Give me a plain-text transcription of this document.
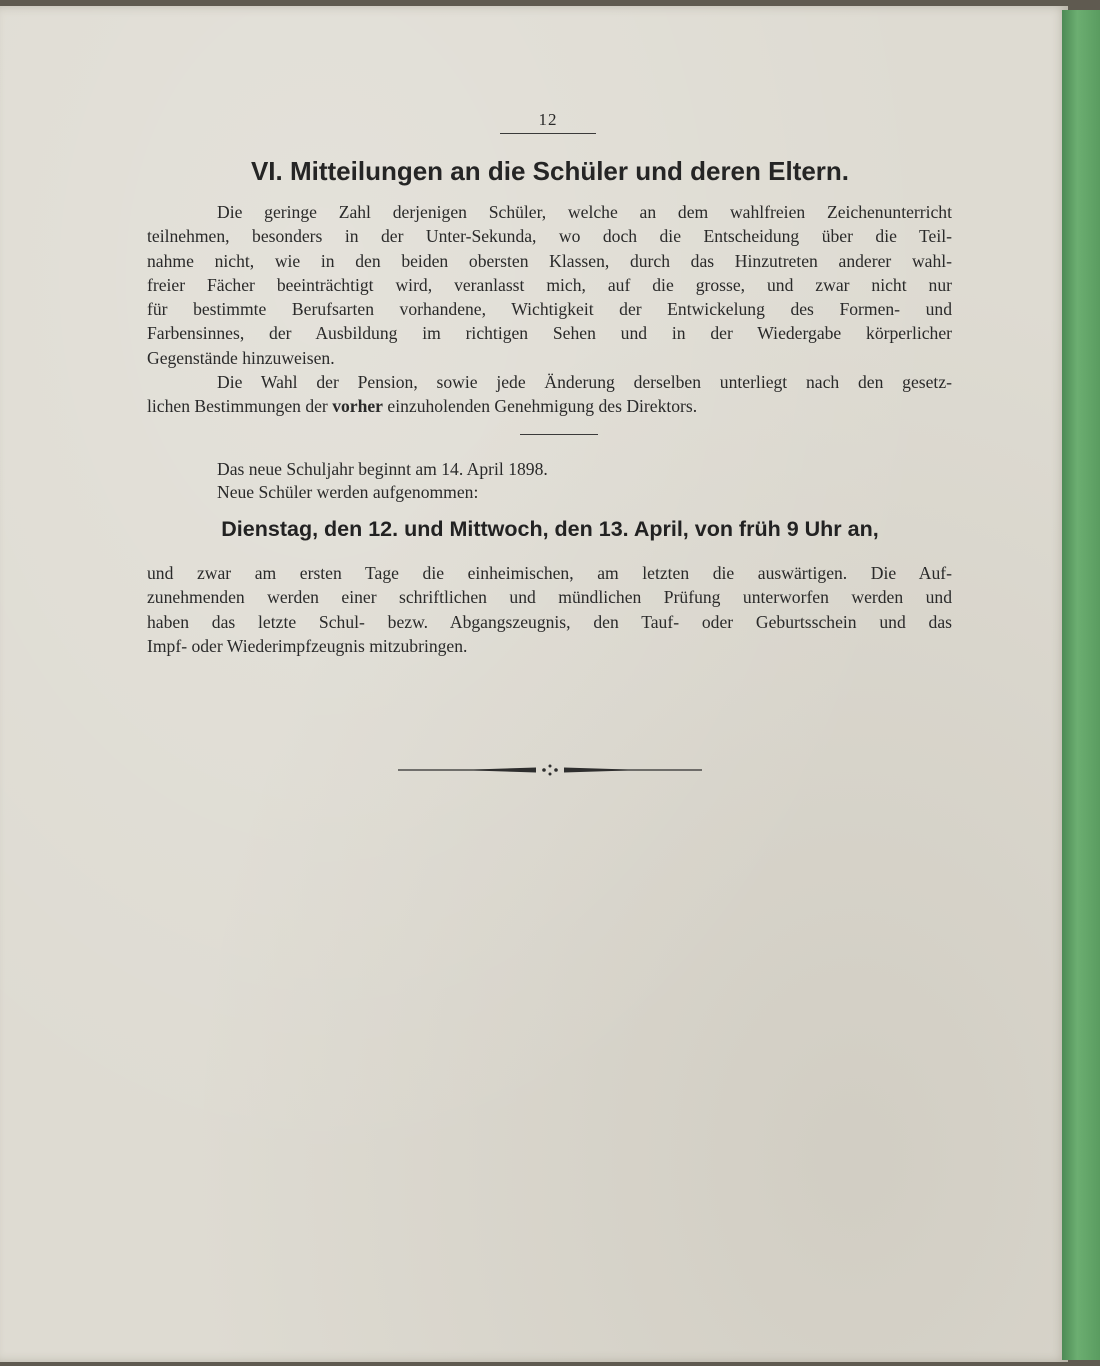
12
VI. Mitteilungen an die Schüler und deren Eltern.
Die geringe Zahl derjenigen Schüler, welche an dem wahlfreien Zeichenunterricht
teilnehmen, besonders in der Unter-Sekunda, wo doch die Entscheidung über die Teil-
nahme nicht, wie in den beiden obersten Klassen, durch das Hinzutreten anderer wahl-
freier Fächer beeinträchtigt wird, veranlasst mich, auf die grosse, und zwar nicht nur
für bestimmte Berufsarten vorhandene, Wichtigkeit der Entwickelung des Formen- und
Farbensinnes, der Ausbildung im richtigen Sehen und in der Wiedergabe körperlicher
Gegenstände hinzuweisen.
Die Wahl der Pension, sowie jede Änderung derselben unterliegt nach den gesetz-
lichen Bestimmungen der vorher einzuholenden Genehmigung des Direktors.
Das neue Schuljahr beginnt am 14. April 1898.
Neue Schüler werden aufgenommen:
Dienstag, den 12. und Mittwoch, den 13. April, von früh 9 Uhr an,
und zwar am ersten Tage die einheimischen, am letzten die auswärtigen. Die Auf-
zunehmenden werden einer schriftlichen und mündlichen Prüfung unterworfen werden und
haben das letzte Schul- bezw. Abgangszeugnis, den Tauf- oder Geburtsschein und das
Impf- oder Wiederimpfzeugnis mitzubringen.
